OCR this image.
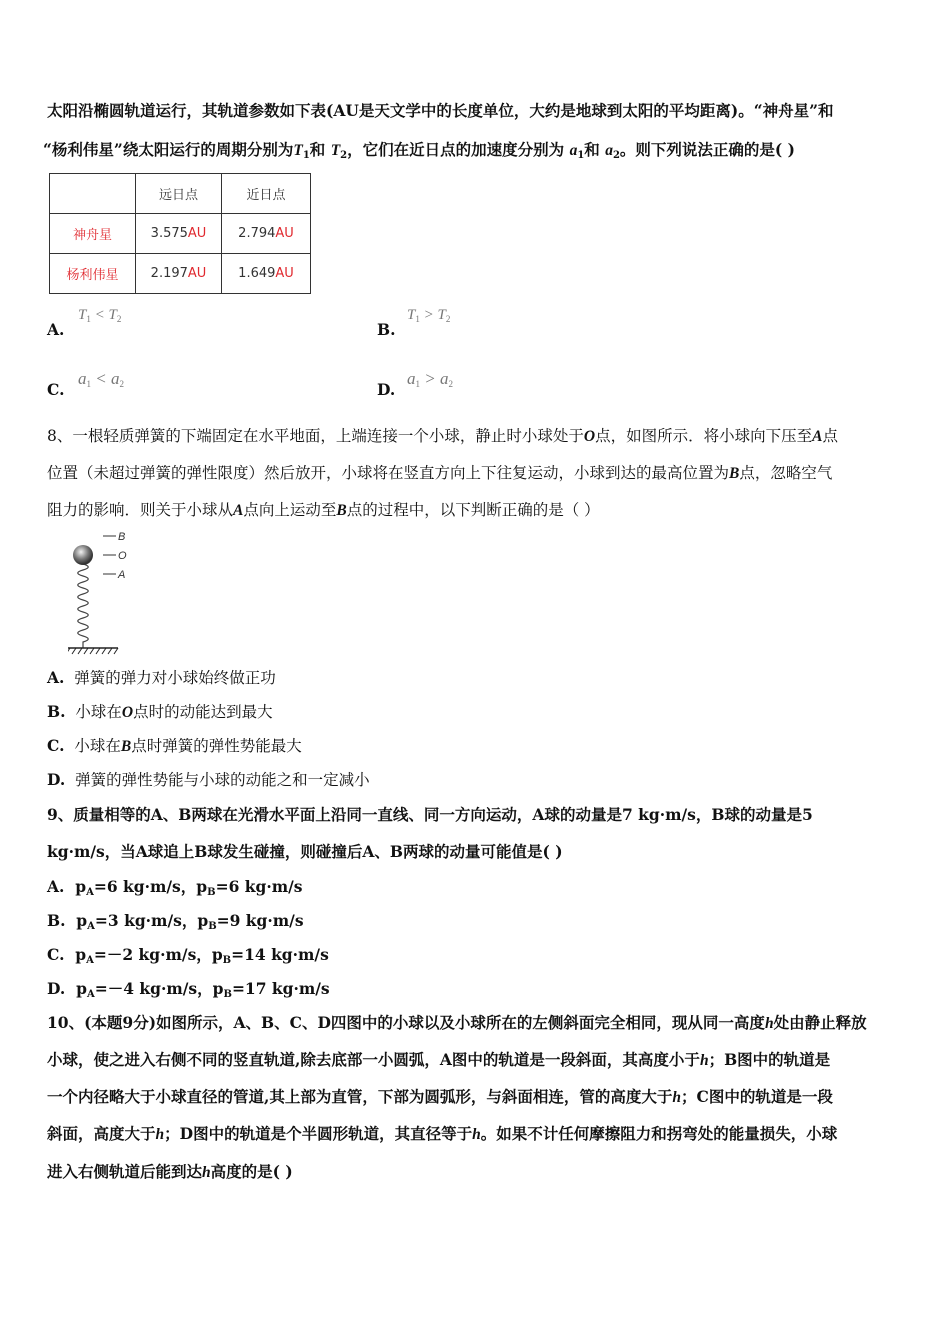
太阳沿椭圆轨道运行，其轨道参数如下表(AU是天文学中的长度单位，大约是地球到太阳的平均距离)。“神舟星”和
“杨利伟星”绕太阳运行的周期分别为$T_1$和 $T_2$，它们在近日点的加速度分别为 $a_1$和 $a_2$。则下列说法正确的是( )
	远日点	近日点
神舟星	3.575AU	2.794AU
杨利伟星	2.197AU	1.649AU
A.
$T_1 < T_2$
B.
$T_1 > T_2$
C.
a1 < a2	D.
a1 > a2
8、一根轻质弹簧的下端固定在水平地面，上端连接一个小球，静止时小球处于O点，如图所示．将小球向下压至A点
位置（未超过弹簧的弹性限度）然后放开，小球将在竖直方向上下往复运动，小球到达的最高位置为B点，忽略空气
阻力的影响．则关于小球从A点向上运动至B点的过程中，以下判断正确的是（ ）
B
O
A
A. 弹簧的弹力对小球始终做正功
B. 小球在O点时的动能达到最大
C. 小球在B点时弹簧的弹性势能最大
D. 弹簧的弹性势能与小球的动能之和一定减小
9、质量相等的A、B两球在光滑水平面上沿同一直线、同一方向运动，A球的动量是7 kg·m/s，B球的动量是5
kg·m/s，当A球追上B球发生碰撞，则碰撞后A、B两球的动量可能值是( )
A. $p_A=6$ kg·m/s，$p_B=6$ kg·m/s
B. $p_A=3$ kg·m/s，$p_B=9$ kg·m/s
C. $p_A=-2$ kg·m/s，$p_B=14$ kg·m/s
D. $p_A=-4$ kg·m/s，$p_B=17$ kg·m/s
10、(本题9分)如图所示，A、B、C、D四图中的小球以及小球所在的左侧斜面完全相同，现从同一高度h处由静止释放
小球，使之进入右侧不同的竖直轨道,除去底部一小圆弧，A图中的轨道是一段斜面，其高度小于h；B图中的轨道是
一个内径略大于小球直径的管道,其上部为直管，下部为圆弧形，与斜面相连，管的高度大于h；C图中的轨道是一段
斜面，高度大于h；D图中的轨道是个半圆形轨道，其直径等于h。如果不计任何摩擦阻力和拐弯处的能量损失，小球
进入右侧轨道后能到达h高度的是( )
